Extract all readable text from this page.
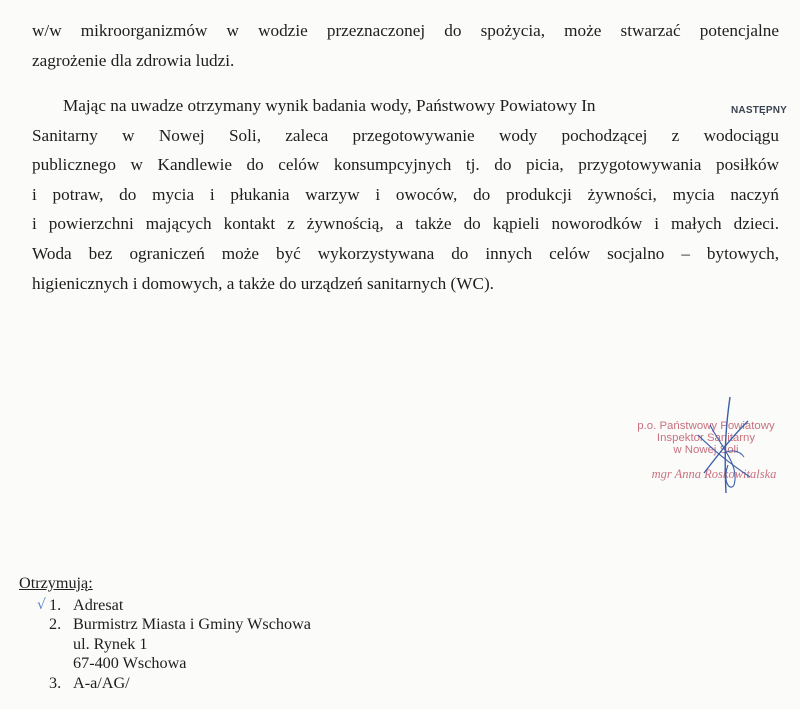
w/w mikroorganizmów w wodzie przeznaczonej do spożycia, może stwarzać potencjalne
zagrożenie dla zdrowia ludzi.

Mając na uwadze otrzymany wynik badania wody, Państwowy Powiatowy In
Sanitarny w Nowej Soli, zaleca przegotowywanie wody pochodzącej z wodociągu
publicznego w Kandlewie do celów konsumpcyjnych tj. do picia, przygotowywania posiłków
i potraw, do mycia i płukania warzyw i owoców, do produkcji żywności, mycia naczyń
i powierzchni mających kontakt z żywnością, a także do kąpieli noworodków i małych dzieci.
Woda bez ograniczeń może być wykorzystywana do innych celów socjalno – bytowych,
higienicznych i domowych, a także do urządzeń sanitarnych (WC).

NASTĘPNY
p.o. Państwowy Powiatowy
Inspektor Sanitarny
w Nowej Soli
mgr Anna Roskowitalska

Otrzymują:

√ 1. Adresat
2. Burmistrz Miasta i Gminy Wschowa
ul. Rynek 1
67-400 Wschowa
3. A-a/AG/
